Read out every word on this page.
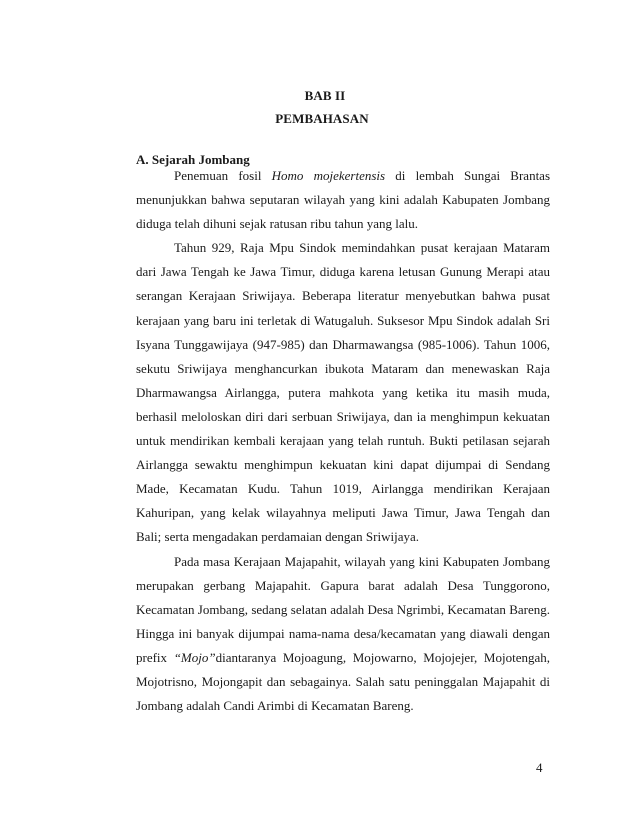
BAB II
PEMBAHASAN
A. Sejarah Jombang

Penemuan fosil Homo mojekertensis di lembah Sungai Brantas menunjukkan bahwa seputaran wilayah yang kini adalah Kabupaten Jombang diduga telah dihuni sejak ratusan ribu tahun yang lalu.

Tahun 929, Raja Mpu Sindok memindahkan pusat kerajaan Mataram dari Jawa Tengah ke Jawa Timur, diduga karena letusan Gunung Merapi atau serangan Kerajaan Sriwijaya. Beberapa literatur menyebutkan bahwa pusat kerajaan yang baru ini terletak di Watugaluh. Suksesor Mpu Sindok adalah Sri Isyana Tunggawijaya (947-985) dan Dharmawangsa (985-1006). Tahun 1006, sekutu Sriwijaya menghancurkan ibukota Mataram dan menewaskan Raja Dharmawangsa Airlangga, putera mahkota yang ketika itu masih muda, berhasil meloloskan diri dari serbuan Sriwijaya, dan ia menghimpun kekuatan untuk mendirikan kembali kerajaan yang telah runtuh. Bukti petilasan sejarah Airlangga sewaktu menghimpun kekuatan kini dapat dijumpai di Sendang Made, Kecamatan Kudu. Tahun 1019, Airlangga mendirikan Kerajaan Kahuripan, yang kelak wilayahnya meliputi Jawa Timur, Jawa Tengah dan Bali; serta mengadakan perdamaian dengan Sriwijaya.

Pada masa Kerajaan Majapahit, wilayah yang kini Kabupaten Jombang merupakan gerbang Majapahit. Gapura barat adalah Desa Tunggorono, Kecamatan Jombang, sedang selatan adalah Desa Ngrimbi, Kecamatan Bareng. Hingga ini banyak dijumpai nama-nama desa/kecamatan yang diawali dengan prefix “Mojo”diantaranya Mojoagung, Mojowarno, Mojojejer, Mojotengah, Mojotrisno, Mojongapit dan sebagainya. Salah satu peninggalan Majapahit di Jombang adalah Candi Arimbi di Kecamatan Bareng.

4
